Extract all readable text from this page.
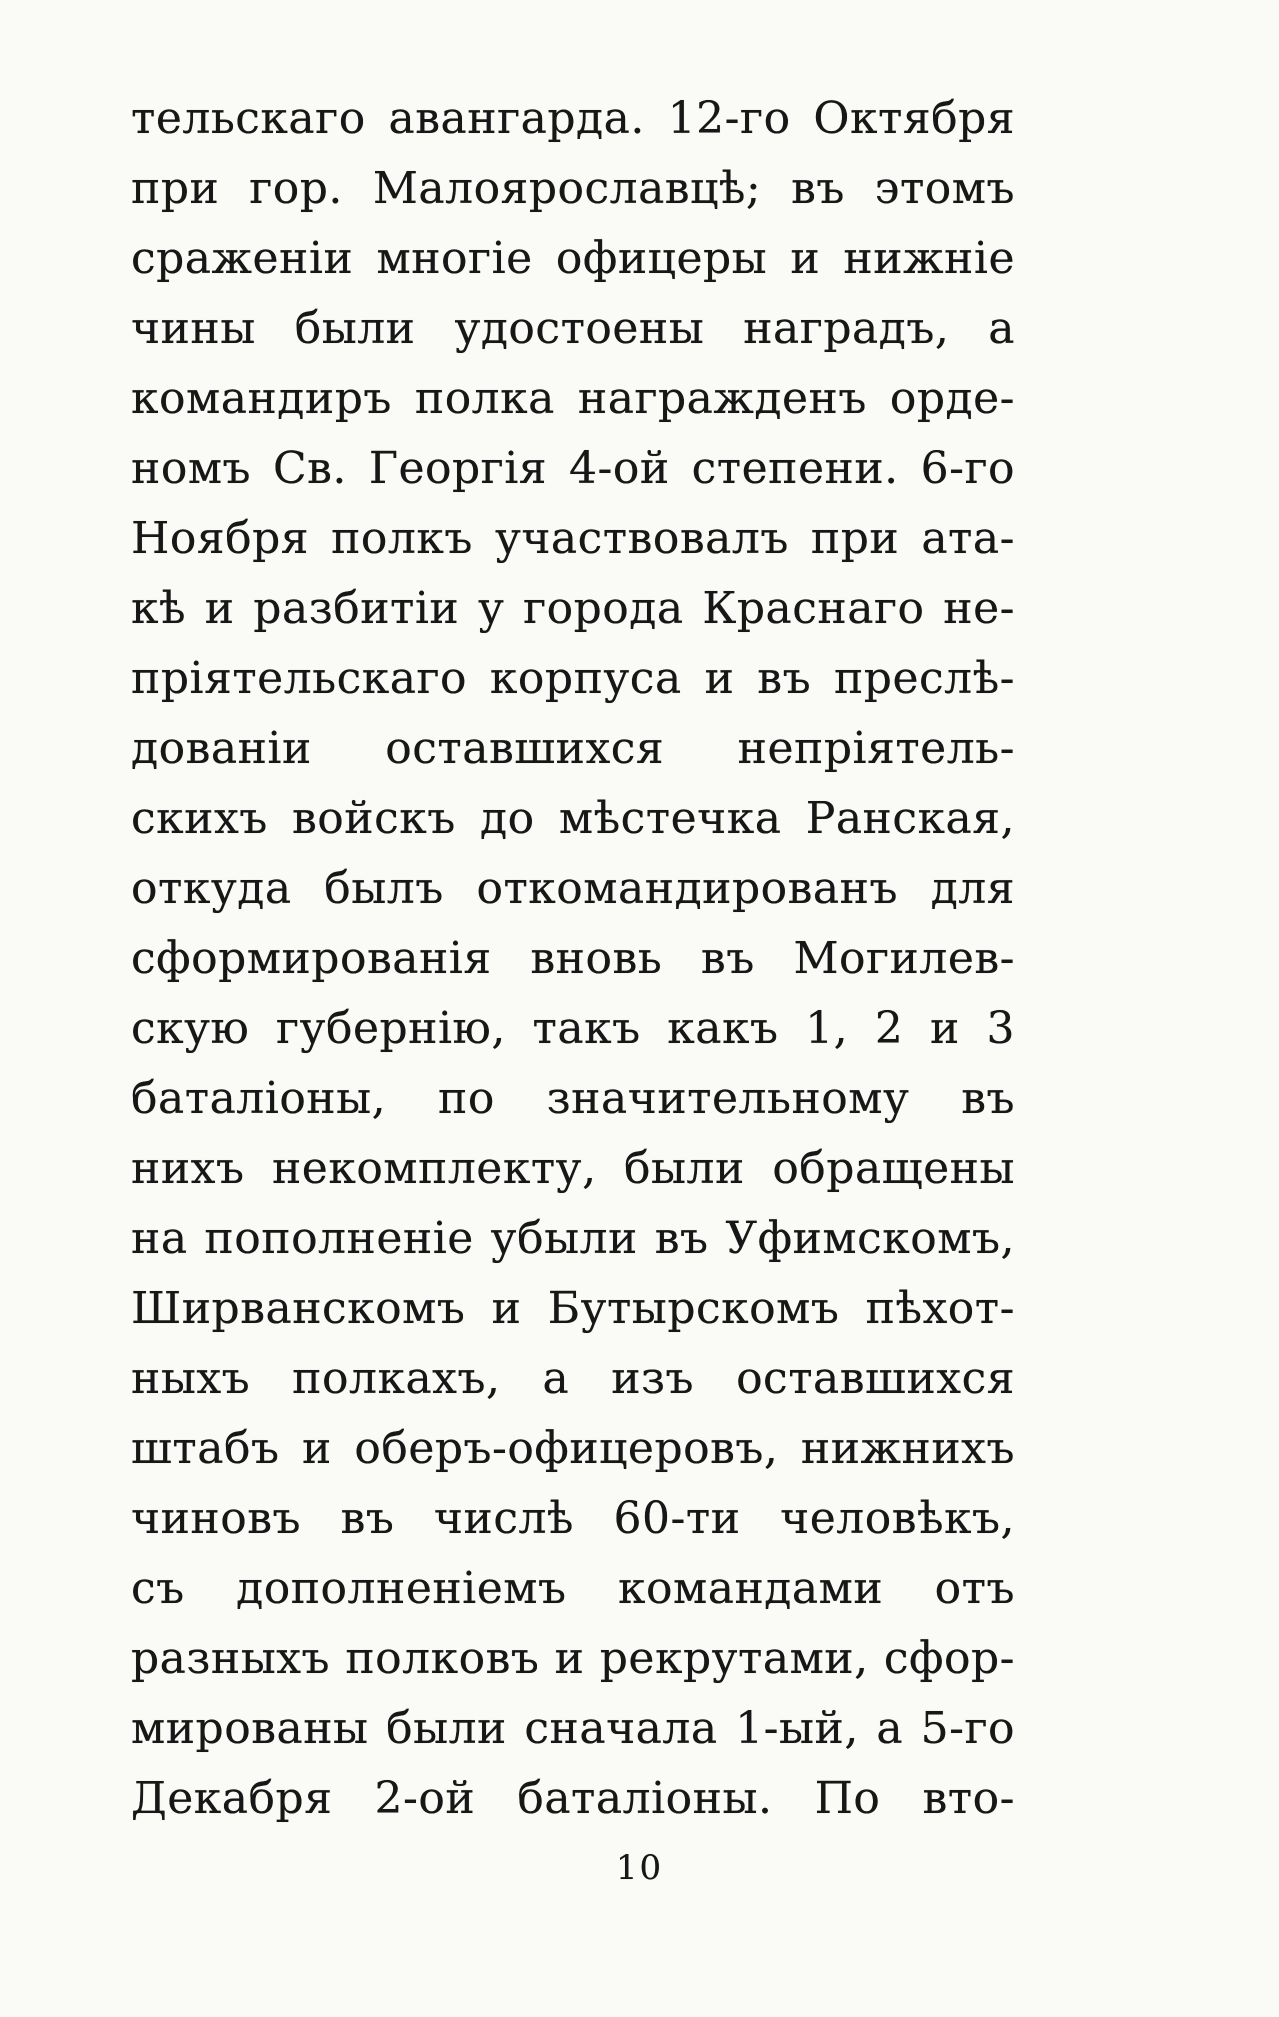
тельскаго авангарда. 12-го Октября
при гор. Малоярославцѣ; въ этомъ
сраженіи многіе офицеры и нижніе
чины были удостоены наградъ, а
командиръ полка награжденъ орде-
номъ Св. Георгія 4-ой степени. 6-го
Ноября полкъ участвовалъ при ата-
кѣ и разбитіи у города Краснаго не-
пріятельскаго корпуса и въ преслѣ-
дованіи оставшихся непріятель-
скихъ войскъ до мѣстечка Ранская,
откуда былъ откомандированъ для
сформированія вновь въ Могилев-
скую губернію, такъ какъ 1, 2 и 3
баталіоны, по значительному въ
нихъ некомплекту, были обращены
на пополненіе убыли въ Уфимскомъ,
Ширванскомъ и Бутырскомъ пѣхот-
ныхъ полкахъ, а изъ оставшихся
штабъ и оберъ-офицеровъ, нижнихъ
чиновъ въ числѣ 60-ти человѣкъ,
съ дополненіемъ командами отъ
разныхъ полковъ и рекрутами, сфор-
мированы были сначала 1-ый, а 5-го
Декабря 2-ой баталіоны. По вто-
10
